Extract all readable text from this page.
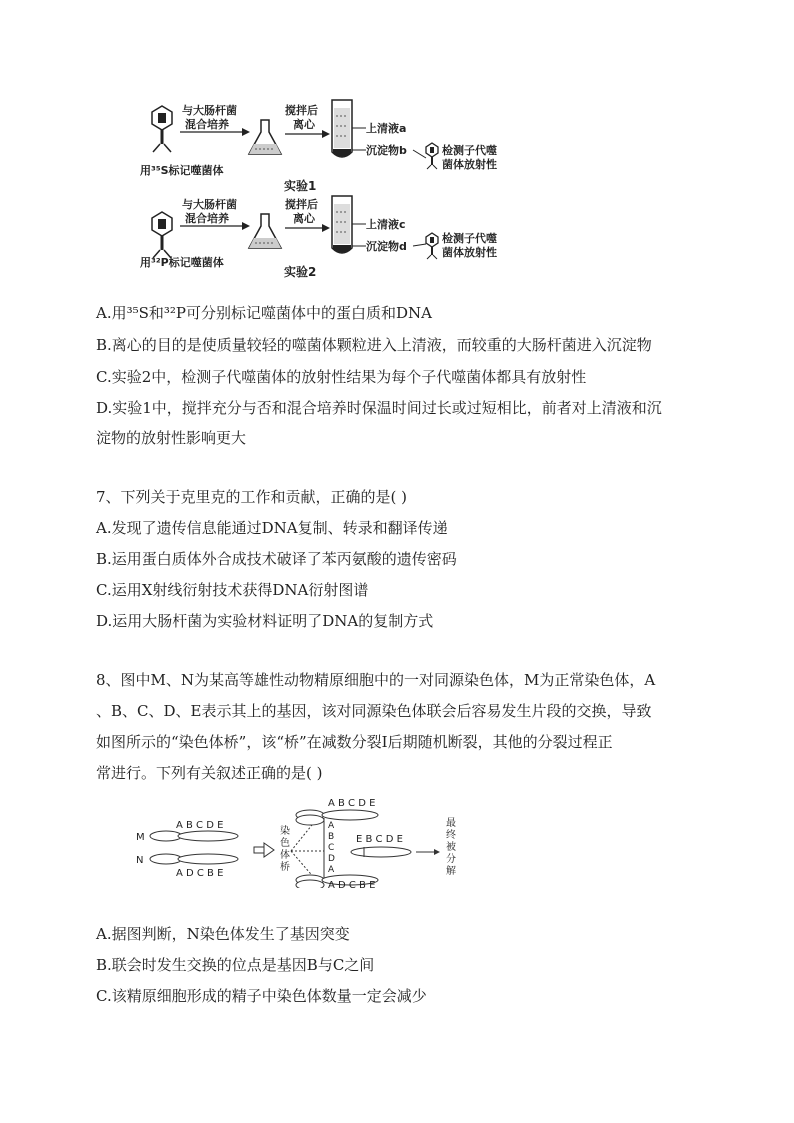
用³⁵S标记噬菌体
与大肠杆菌
混合培养
搅拌后
离心	上清液a
沉淀物b	检测子代噬
菌体放射性
实验1
用³²P标记噬菌体
与大肠杆菌
混合培养
搅拌后
离心	上清液c
沉淀物d
检测子代噬
菌体放射性
实验2
A.用³⁵S和³²P可分别标记噬菌体中的蛋白质和DNA
B.离心的目的是使质量较轻的噬菌体颗粒进入上清液，而较重的大肠杆菌进入沉淀物
C.实验2中，检测子代噬菌体的放射性结果为每个子代噬菌体都具有放射性
D.实验1中，搅拌充分与否和混合培养时保温时间过长或过短相比，前者对上清液和沉
淀物的放射性影响更大
7、下列关于克里克的工作和贡献，正确的是( )
A.发现了遗传信息能通过DNA复制、转录和翻译传递
B.运用蛋白质体外合成技术破译了苯丙氨酸的遗传密码
C.运用X射线衍射技术获得DNA衍射图谱
D.运用大肠杆菌为实验材料证明了DNA的复制方式
8、图中M、N为某高等雄性动物精原细胞中的一对同源染色体，M为正常染色体，A
、B、C、D、E表示其上的基因，该对同源染色体联会后容易发生片段的交换，导致
如图所示的“染色体桥”，该“桥”在减数分裂Ⅰ后期随机断裂，其他的分裂过程正
常进行。下列有关叙述正确的是( )
M
A B C D E
N
A D C B E
染
色
体
桥
A B C D E
A
B
C
D
A
A D C B E
E B C D E
最
终
被
分
解
A.据图判断，N染色体发生了基因突变
B.联会时发生交换的位点是基因B与C之间
C.该精原细胞形成的精子中染色体数量一定会减少
